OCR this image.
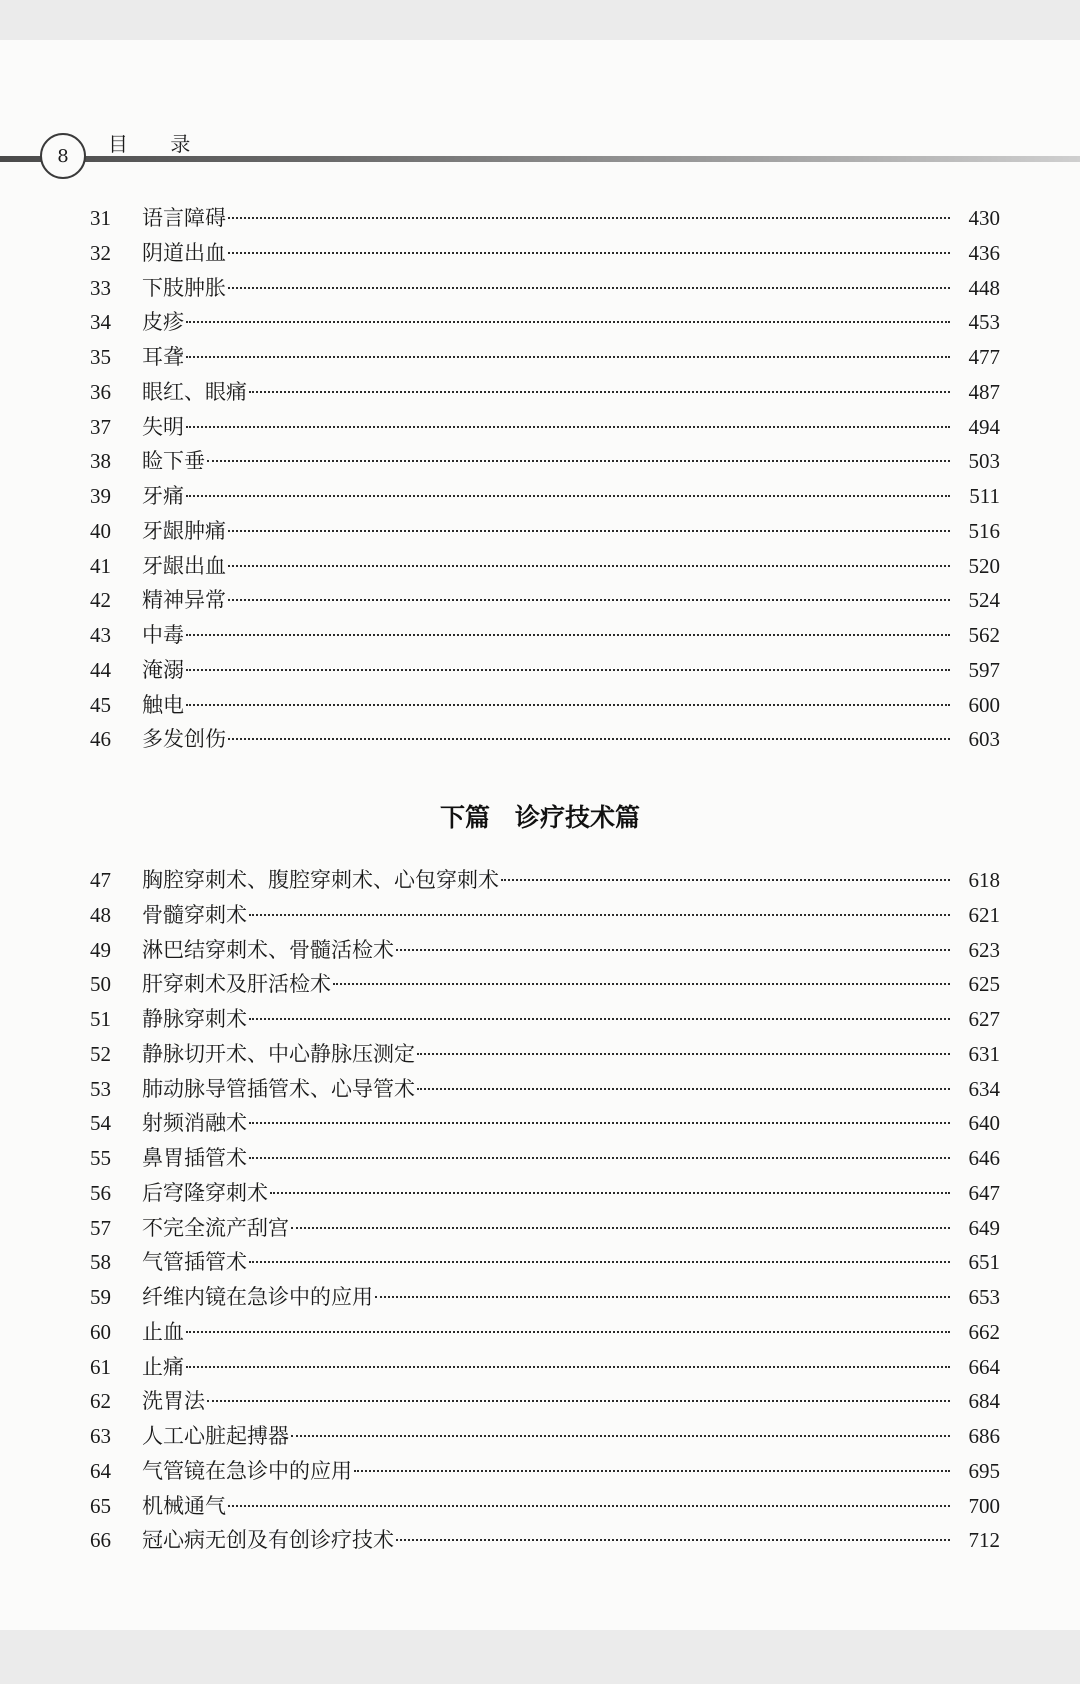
8	目 录
31	语言障碍	430
32	阴道出血	436
33	下肢肿胀	448
34	皮疹	453
35	耳聋	477
36	眼红、眼痛	487
37	失明	494
38	睑下垂	503
39	牙痛	511
40	牙龈肿痛	516
41	牙龈出血	520
42	精神异常	524
43	中毒	562
44	淹溺	597
45	触电	600
46	多发创伤	603
下篇　诊疗技术篇
47	胸腔穿刺术、腹腔穿刺术、心包穿刺术	618
48	骨髓穿刺术	621
49	淋巴结穿刺术、骨髓活检术	623
50	肝穿刺术及肝活检术	625
51	静脉穿刺术	627
52	静脉切开术、中心静脉压测定	631
53	肺动脉导管插管术、心导管术	634
54	射频消融术	640
55	鼻胃插管术	646
56	后穹隆穿刺术	647
57	不完全流产刮宫	649
58	气管插管术	651
59	纤维内镜在急诊中的应用	653
60	止血	662
61	止痛	664
62	洗胃法	684
63	人工心脏起搏器	686
64	气管镜在急诊中的应用	695
65	机械通气	700
66	冠心病无创及有创诊疗技术	712
